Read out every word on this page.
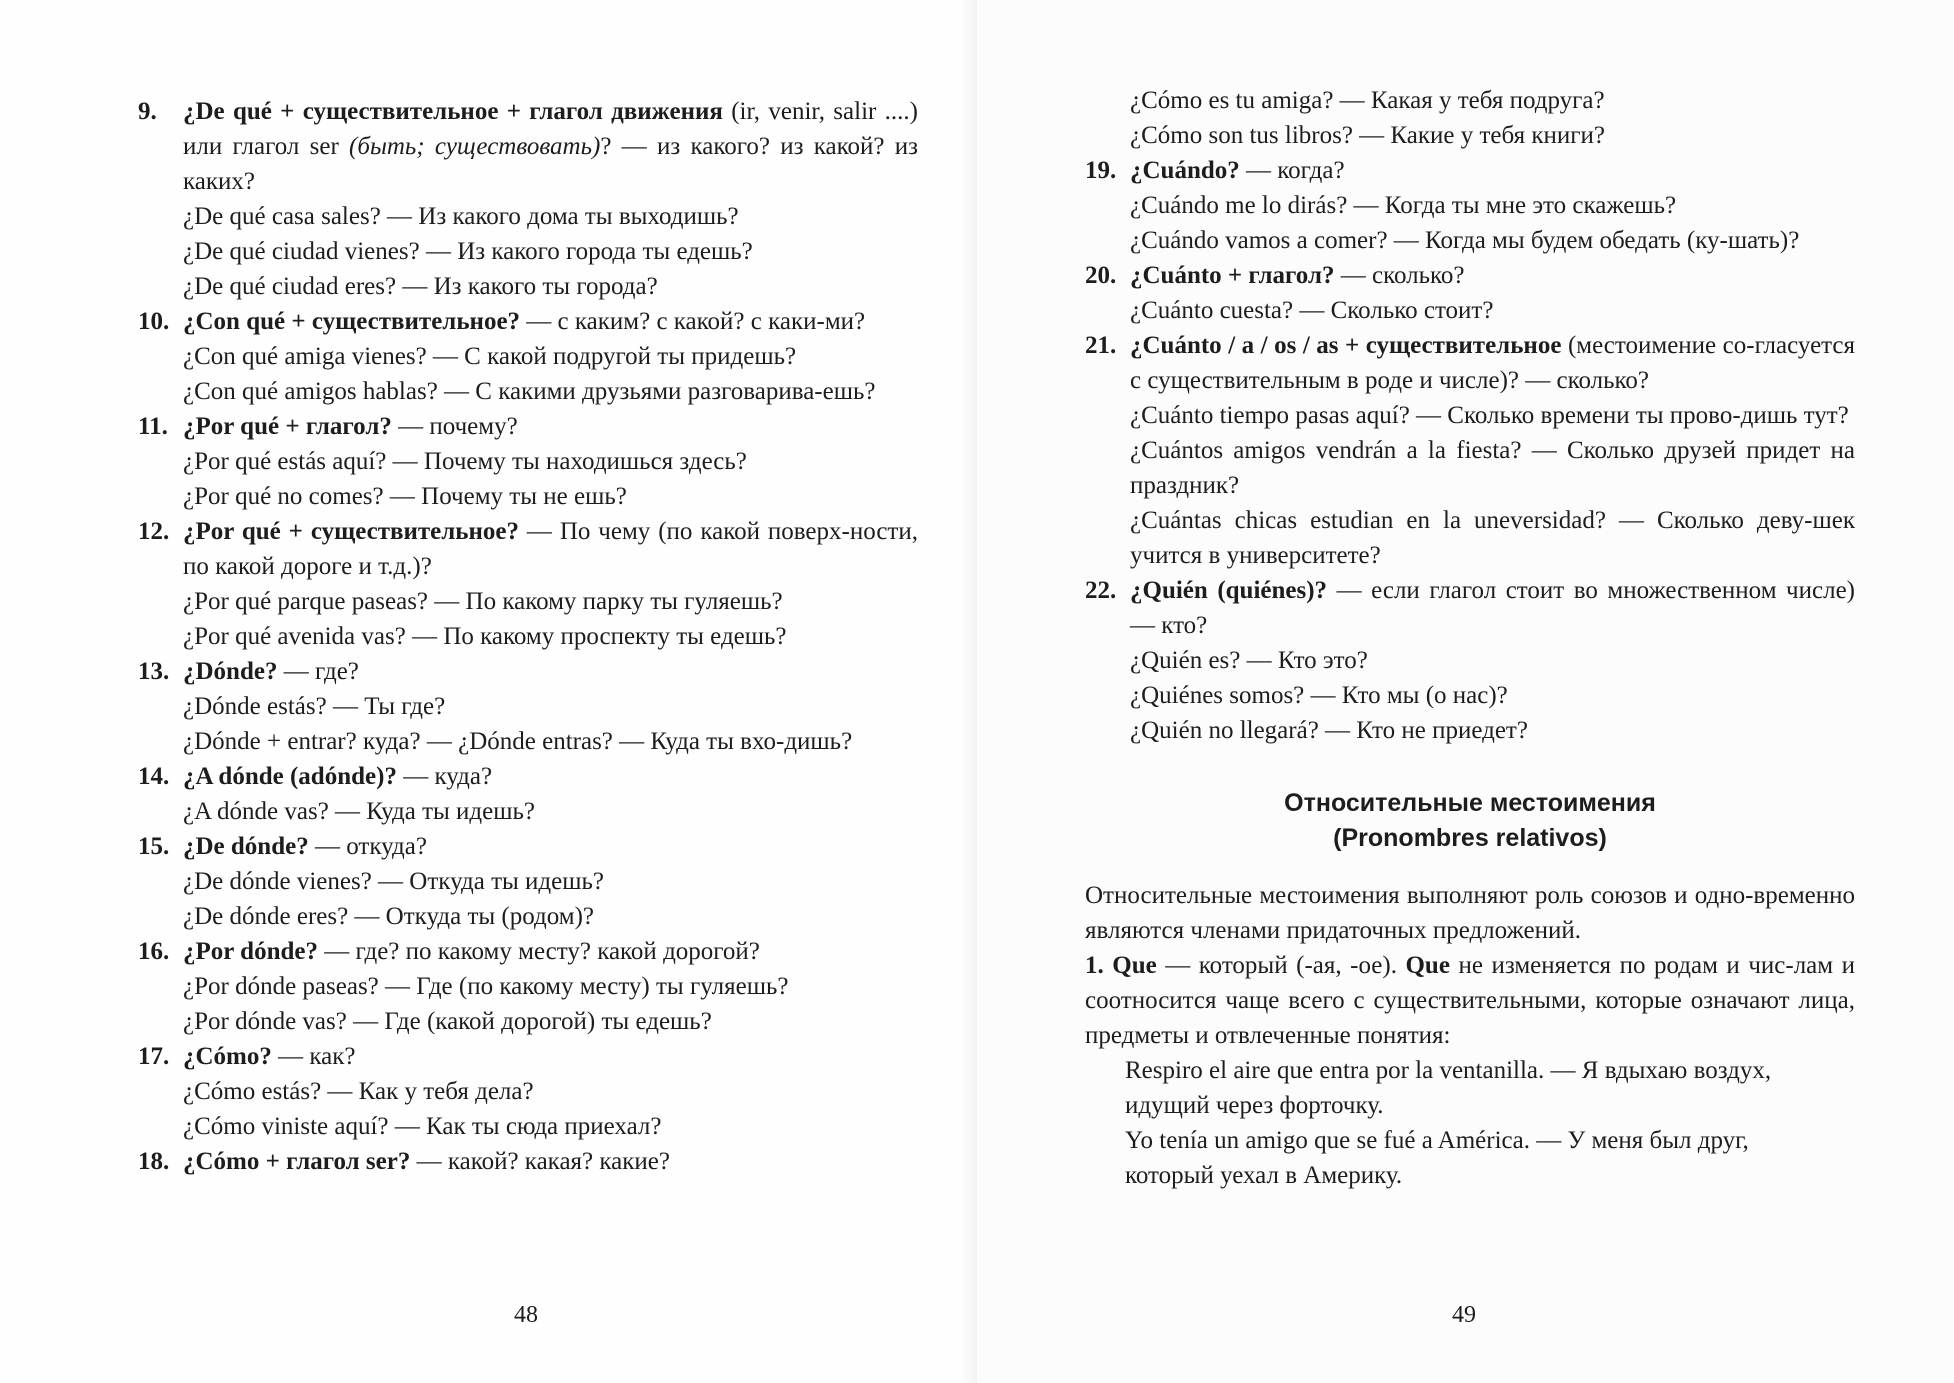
9.	¿De qué + существительное + глагол движения (ir, venir, salir ....) или глагол ser (быть; существовать)? — из какого? из какой? из каких?
¿De qué casa sales? — Из какого дома ты выходишь?
¿De qué ciudad vienes? — Из какого города ты едешь?
¿De qué ciudad eres? — Из какого ты города?
10. ¿Con qué + существительное? — с каким? с какой? с каки-ми?
¿Con qué amiga vienes? — С какой подругой ты придешь?
¿Con qué amigos hablas? — С какими друзьями разговарива-ешь?
11. ¿Por qué + глагол? — почему?
¿Por qué estás aquí? — Почему ты находишься здесь?
¿Por qué no comes? — Почему ты не ешь?
12. ¿Por qué + существительное? — По чему (по какой поверх-ности, по какой дороге и т.д.)?
¿Por qué parque paseas? — По какому парку ты гуляешь?
¿Por qué avenida vas? — По какому проспекту ты едешь?
13. ¿Dónde? — где?
¿Dónde estás? — Ты где?
¿Dónde + entrar? куда? — ¿Dónde entras? — Куда ты вхо-дишь?
14. ¿A dónde (adónde)? — куда?
¿A dónde vas? — Куда ты идешь?
15. ¿De dónde? — откуда?
¿De dónde vienes? — Откуда ты идешь?
¿De dónde eres? — Откуда ты (родом)?
16. ¿Por dónde? — где? по какому месту? какой дорогой?
¿Por dónde paseas? — Где (по какому месту) ты гуляешь?
¿Por dónde vas? — Где (какой дорогой) ты едешь?
17. ¿Cómo? — как?
¿Cómo estás? — Как у тебя дела?
¿Cómo viniste aquí? — Как ты сюда приехал?
18. ¿Cómo + глагол ser? — какой? какая? какие?
48
¿Cómo es tu amiga? — Какая у тебя подруга?
¿Cómo son tus libros? — Какие у тебя книги?
19. ¿Cuándo? — когда?
¿Cuándo me lo dirás? — Когда ты мне это скажешь?
¿Cuándo vamos a comer? — Когда мы будем обедать (ку-шать)?
20. ¿Cuánto + глагол? — сколько?
¿Cuánto cuesta? — Сколько стоит?
21. ¿Cuánto / a / os / as + существительное (местоимение со-гласуется с существительным в роде и числе)? — сколько?
¿Cuánto tiempo pasas aquí? — Сколько времени ты прово-дишь тут?
¿Cuántos amigos vendrán a la fiesta? — Сколько друзей придет на праздник?
¿Cuántas chicas estudian en la uneversidad? — Сколько деву-шек учится в университете?
22. ¿Quién (quiénes)? — если глагол стоит во множественном числе) — кто?
¿Quién es? — Кто это?
¿Quiénes somos? — Кто мы (о нас)?
¿Quién no llegará? — Кто не приедет?
Относительные местоимения
(Pronombres relativos)
Относительные местоимения выполняют роль союзов и одно-временно являются членами придаточных предложений.
1. Que — который (-ая, -ое). Que не изменяется по родам и чис-лам и соотносится чаще всего с существительными, которые означают лица, предметы и отвлеченные понятия:
Respiro el aire que entra por la ventanilla. — Я вдыхаю воздух,
идущий через форточку.
Yo tenía un amigo que se fué a América. — У меня был друг,
который уехал в Америку.
49
